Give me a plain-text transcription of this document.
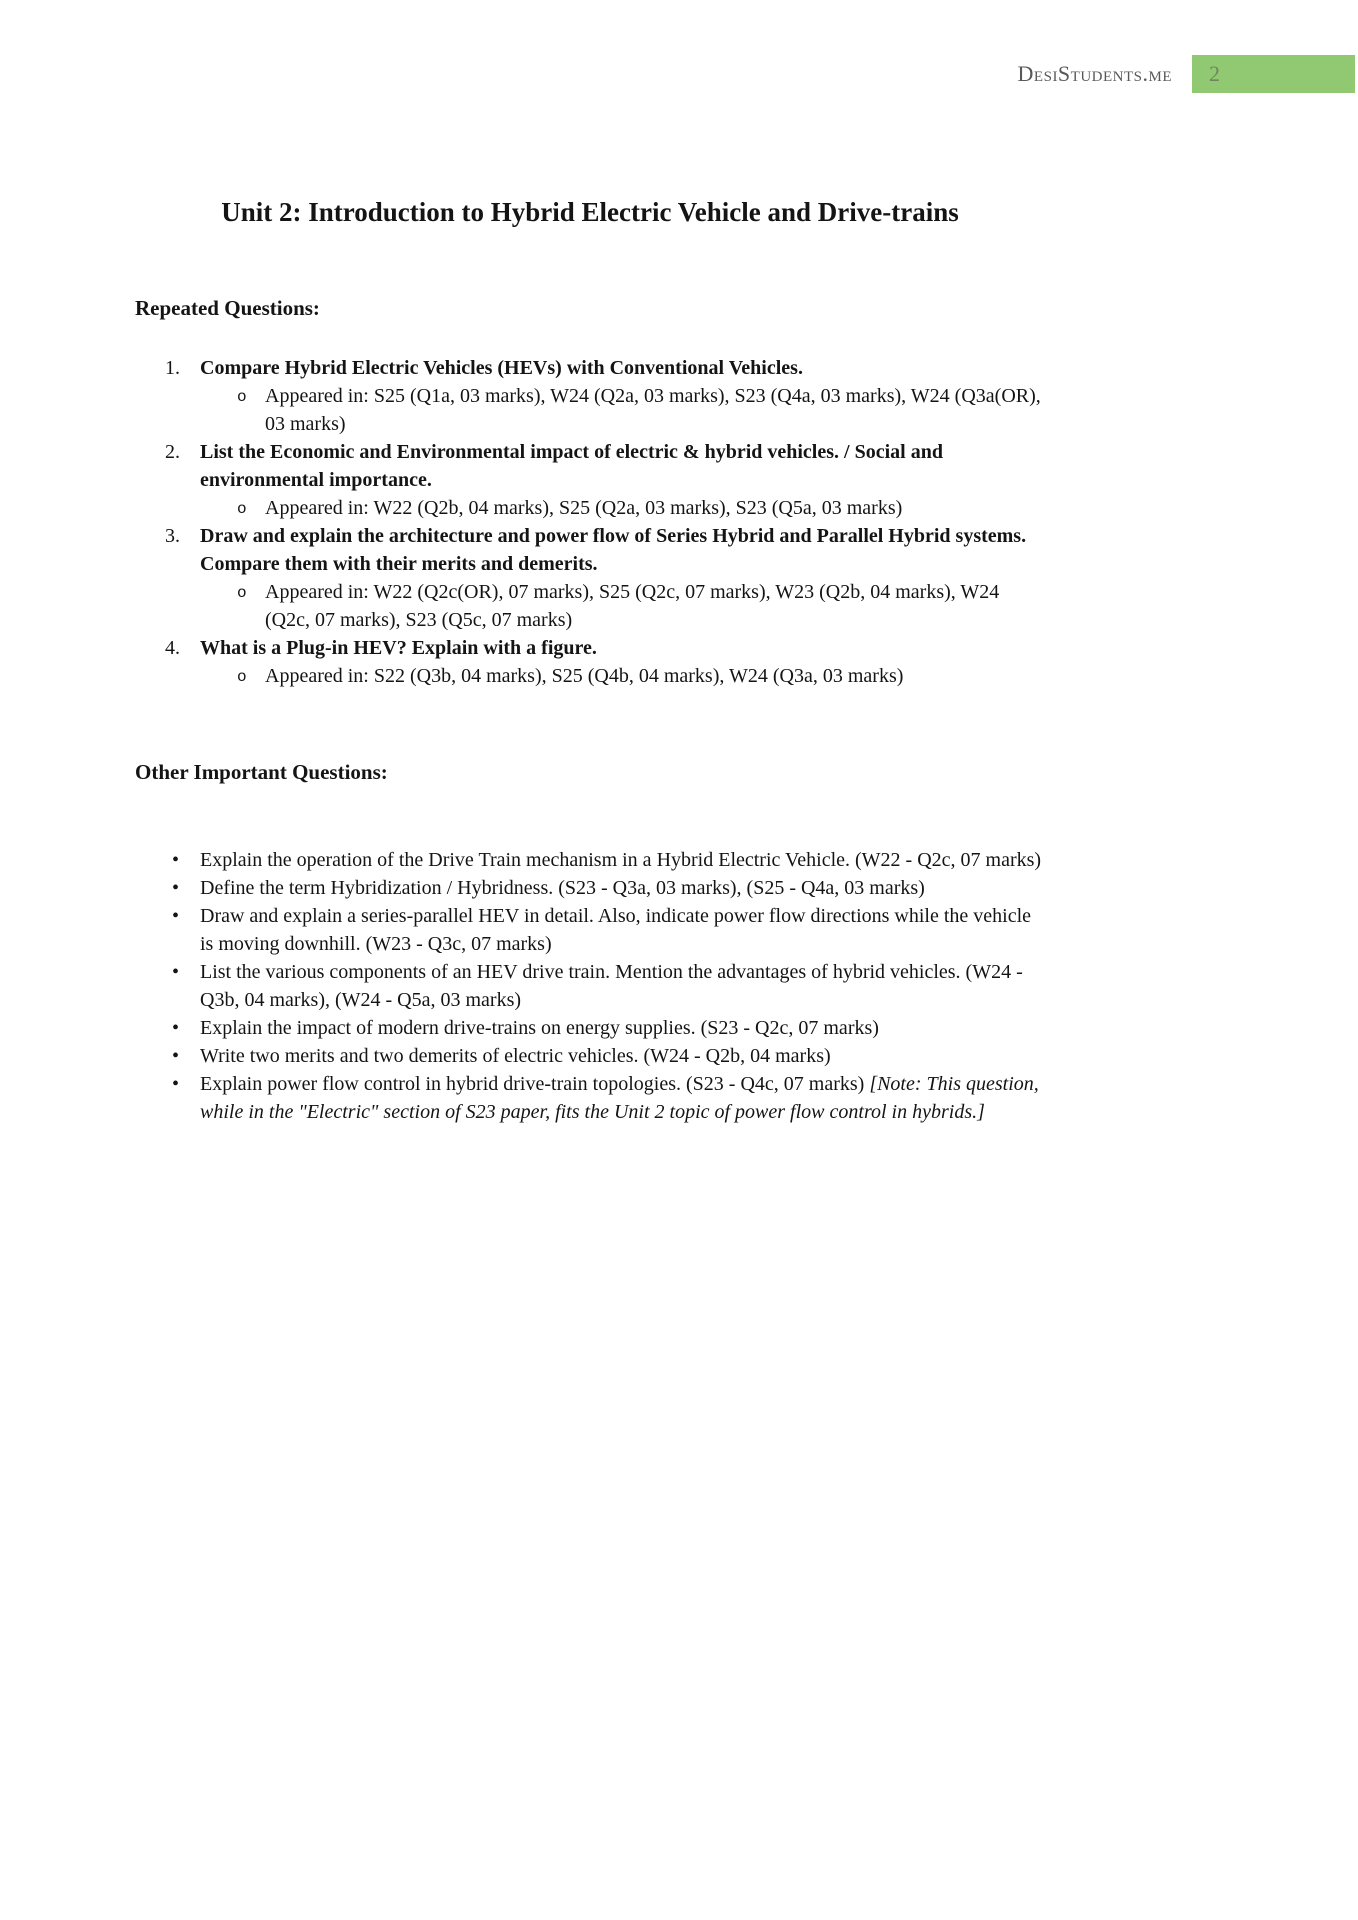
DesiStudents.me 2
Unit 2: Introduction to Hybrid Electric Vehicle and Drive-trains
Repeated Questions:
1.	Compare Hybrid Electric Vehicles (HEVs) with Conventional Vehicles.
o Appeared in: S25 (Q1a, 03 marks), W24 (Q2a, 03 marks), S23 (Q4a, 03 marks), W24 (Q3a(OR), 03 marks)
2.	List the Economic and Environmental impact of electric & hybrid vehicles. / Social and environmental importance.
o Appeared in: W22 (Q2b, 04 marks), S25 (Q2a, 03 marks), S23 (Q5a, 03 marks)
3.	Draw and explain the architecture and power flow of Series Hybrid and Parallel Hybrid systems. Compare them with their merits and demerits.
o Appeared in: W22 (Q2c(OR), 07 marks), S25 (Q2c, 07 marks), W23 (Q2b, 04 marks), W24 (Q2c, 07 marks), S23 (Q5c, 07 marks)
4.	What is a Plug-in HEV? Explain with a figure.
o Appeared in: S22 (Q3b, 04 marks), S25 (Q4b, 04 marks), W24 (Q3a, 03 marks)
Other Important Questions:
•	Explain the operation of the Drive Train mechanism in a Hybrid Electric Vehicle. (W22 - Q2c, 07 marks)
•	Define the term Hybridization / Hybridness. (S23 - Q3a, 03 marks), (S25 - Q4a, 03 marks)
•	Draw and explain a series-parallel HEV in detail. Also, indicate power flow directions while the vehicle is moving downhill. (W23 - Q3c, 07 marks)
•	List the various components of an HEV drive train. Mention the advantages of hybrid vehicles. (W24 - Q3b, 04 marks), (W24 - Q5a, 03 marks)
•	Explain the impact of modern drive-trains on energy supplies. (S23 - Q2c, 07 marks)
•	Write two merits and two demerits of electric vehicles. (W24 - Q2b, 04 marks)
•	Explain power flow control in hybrid drive-train topologies. (S23 - Q4c, 07 marks) [Note: This question, while in the "Electric" section of S23 paper, fits the Unit 2 topic of power flow control in hybrids.]
